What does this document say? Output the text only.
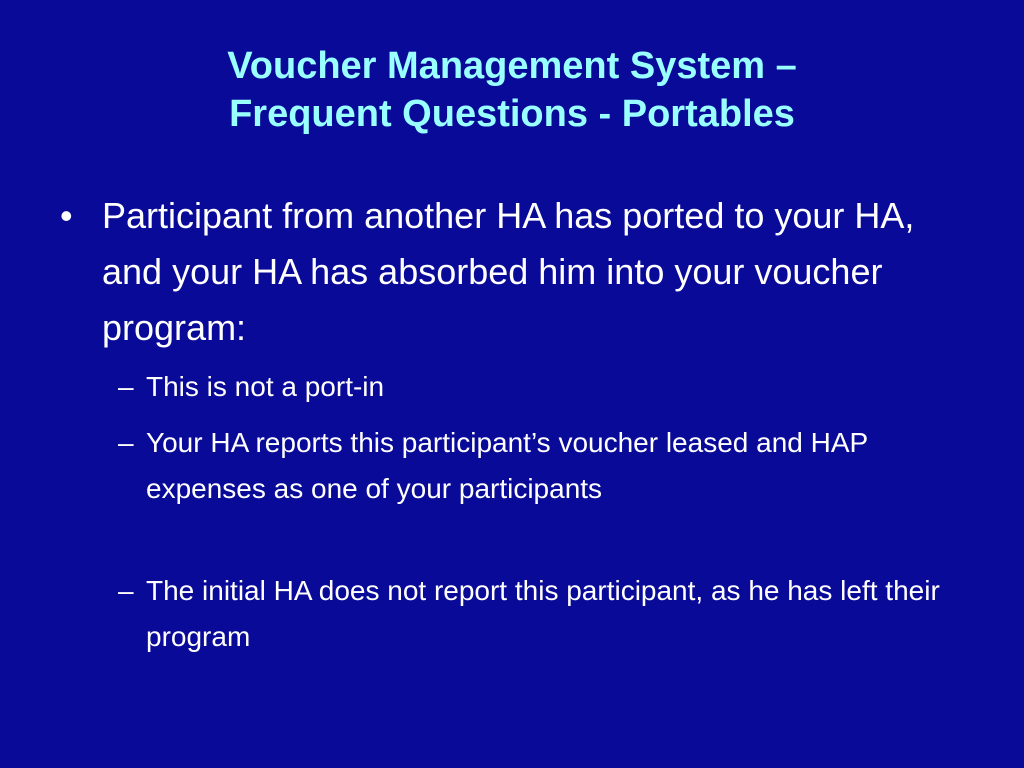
Voucher Management System –
Frequent Questions - Portables
• Participant from another HA has ported to your HA, and your HA has absorbed him into your voucher program:
– This is not a port-in
– Your HA reports this participant’s voucher leased and HAP expenses as one of your participants
– The initial HA does not report this participant, as he has left their program
